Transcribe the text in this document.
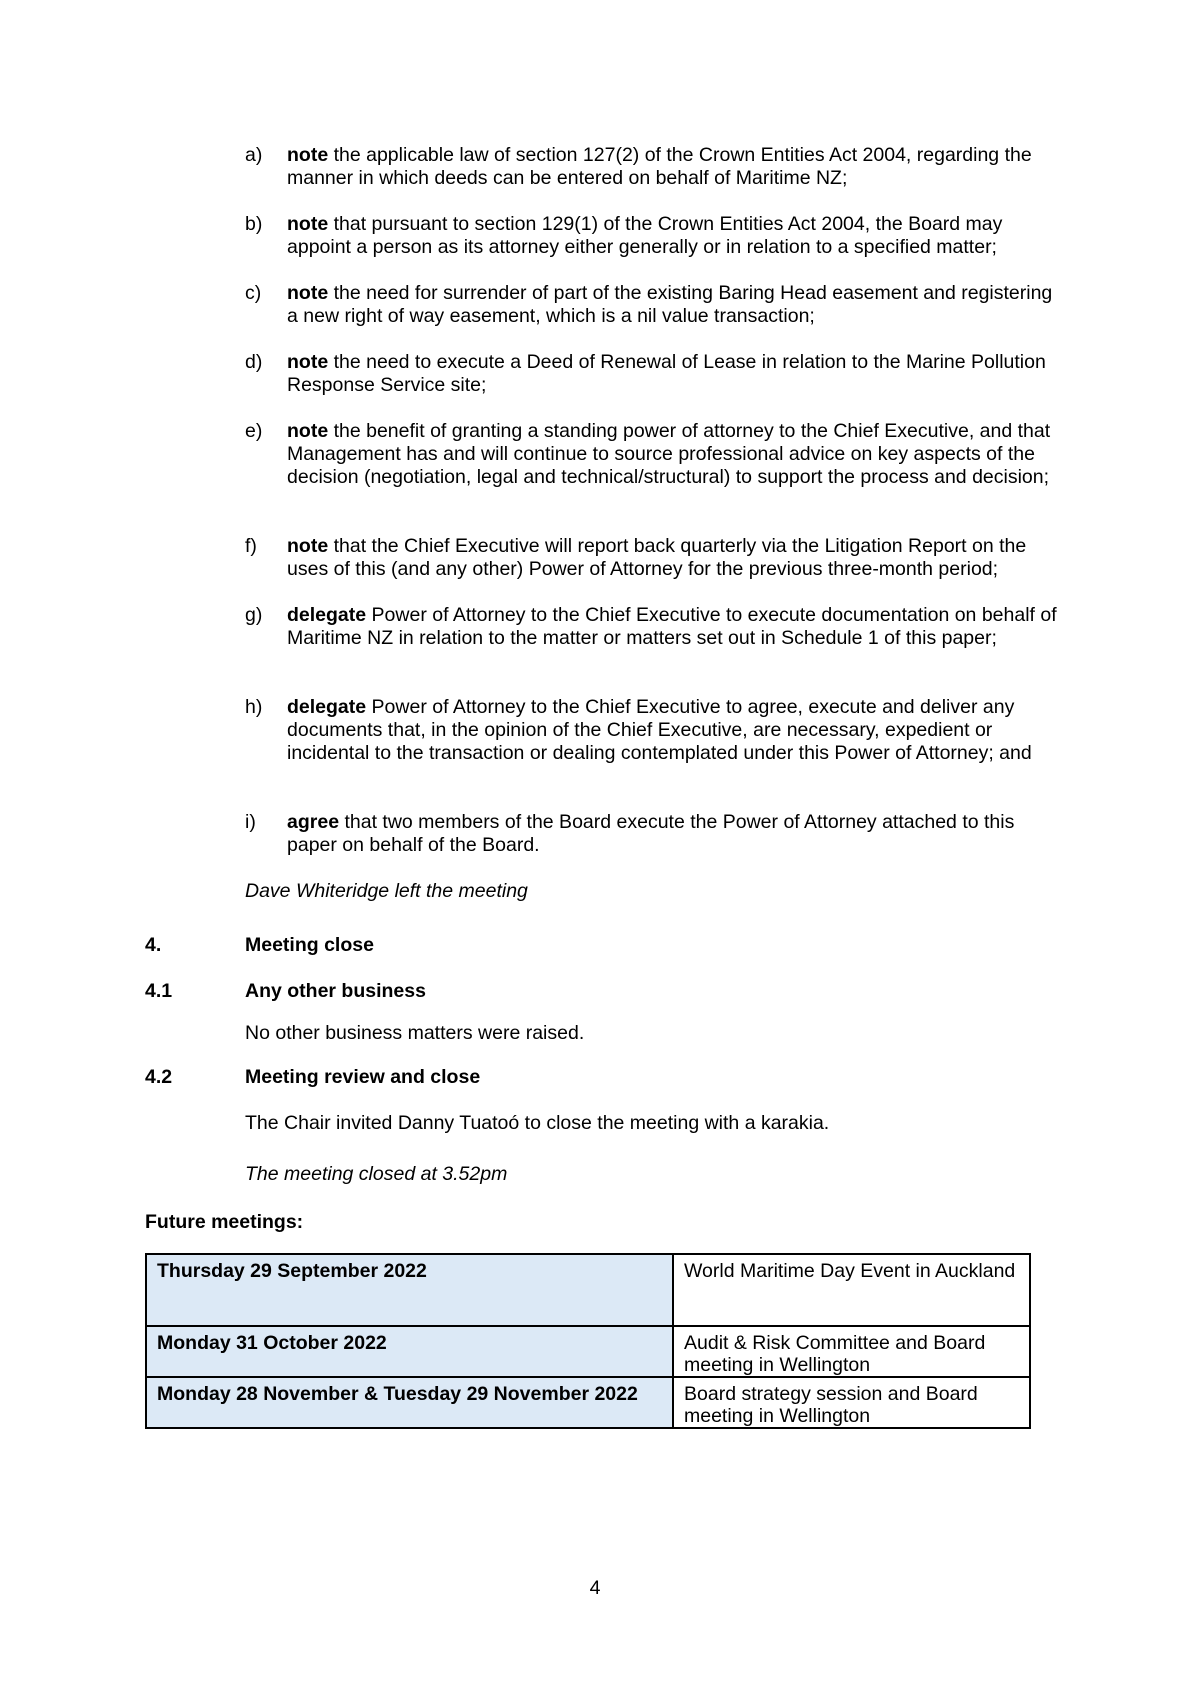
a) note the applicable law of section 127(2) of the Crown Entities Act 2004, regarding the manner in which deeds can be entered on behalf of Maritime NZ;
b) note that pursuant to section 129(1) of the Crown Entities Act 2004, the Board may appoint a person as its attorney either generally or in relation to a specified matter;
c) note the need for surrender of part of the existing Baring Head easement and registering a new right of way easement, which is a nil value transaction;
d) note the need to execute a Deed of Renewal of Lease in relation to the Marine Pollution Response Service site;
e) note the benefit of granting a standing power of attorney to the Chief Executive, and that Management has and will continue to source professional advice on key aspects of the decision (negotiation, legal and technical/structural) to support the process and decision;
f) note that the Chief Executive will report back quarterly via the Litigation Report on the uses of this (and any other) Power of Attorney for the previous three-month period;
g) delegate Power of Attorney to the Chief Executive to execute documentation on behalf of Maritime NZ in relation to the matter or matters set out in Schedule 1 of this paper;
h) delegate Power of Attorney to the Chief Executive to agree, execute and deliver any documents that, in the opinion of the Chief Executive, are necessary, expedient or incidental to the transaction or dealing contemplated under this Power of Attorney; and
i) agree that two members of the Board execute the Power of Attorney attached to this paper on behalf of the Board.
Dave Whiteridge left the meeting
4.	Meeting close
4.1	Any other business
No other business matters were raised.
4.2	Meeting review and close
The Chair invited Danny Tuatoó to close the meeting with a karakia.
The meeting closed at 3.52pm
Future meetings:
Thursday 29 September 2022	World Maritime Day Event in Auckland
Monday 31 October 2022	Audit & Risk Committee and Board meeting in Wellington
Monday 28 November & Tuesday 29 November 2022	Board strategy session and Board meeting in Wellington
4
